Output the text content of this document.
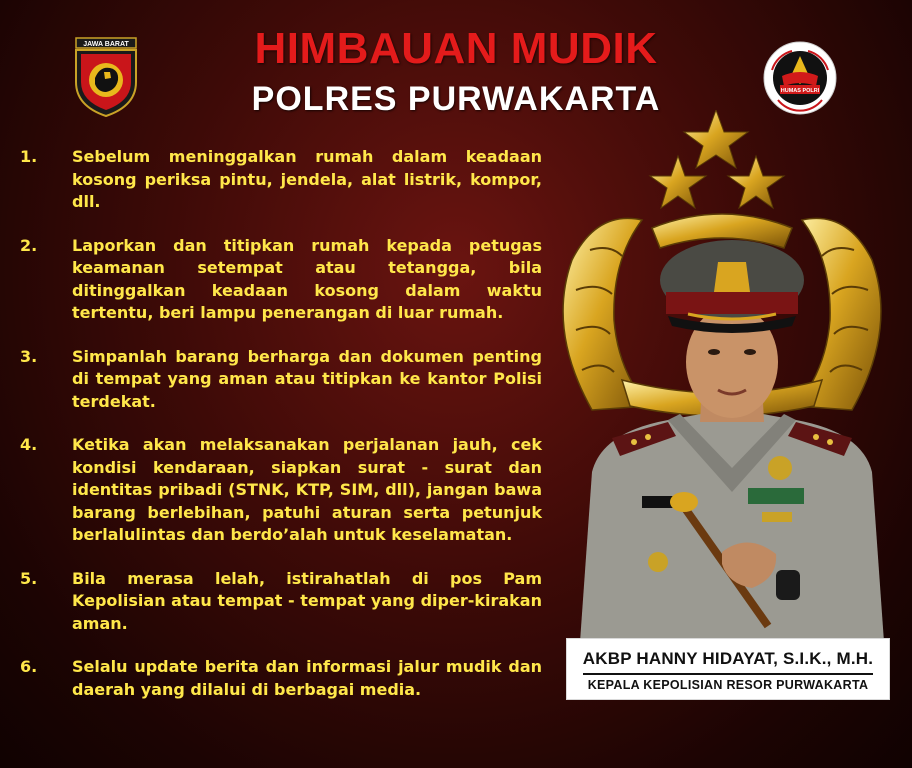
HIMBAUAN MUDIK
POLRES PURWAKARTA
JAWA BARAT
HUMAS POLRI
1.	Sebelum meninggalkan rumah dalam keadaan kosong periksa pintu, jendela, alat listrik, kompor, dll.
2.	Laporkan dan titipkan rumah kepada petugas keamanan setempat atau tetangga, bila ditinggalkan keadaan kosong dalam waktu tertentu, beri lampu penerangan di luar rumah.
3.	Simpanlah barang berharga dan dokumen penting di tempat yang aman atau titipkan ke kantor Polisi terdekat.
4.	Ketika akan melaksanakan perjalanan jauh, cek kondisi kendaraan, siapkan surat - surat dan identitas pribadi (STNK, KTP, SIM, dll), jangan bawa barang berlebihan, patuhi aturan serta petunjuk berlalulintas dan berdo’alah untuk keselamatan.
5.	Bila merasa lelah, istirahatlah di pos Pam Kepolisian atau tempat - tempat yang diper-kirakan aman.
6.	Selalu update berita dan informasi jalur mudik dan daerah yang dilalui di berbagai media.
AKBP HANNY HIDAYAT, S.I.K., M.H.
KEPALA KEPOLISIAN RESOR PURWAKARTA
